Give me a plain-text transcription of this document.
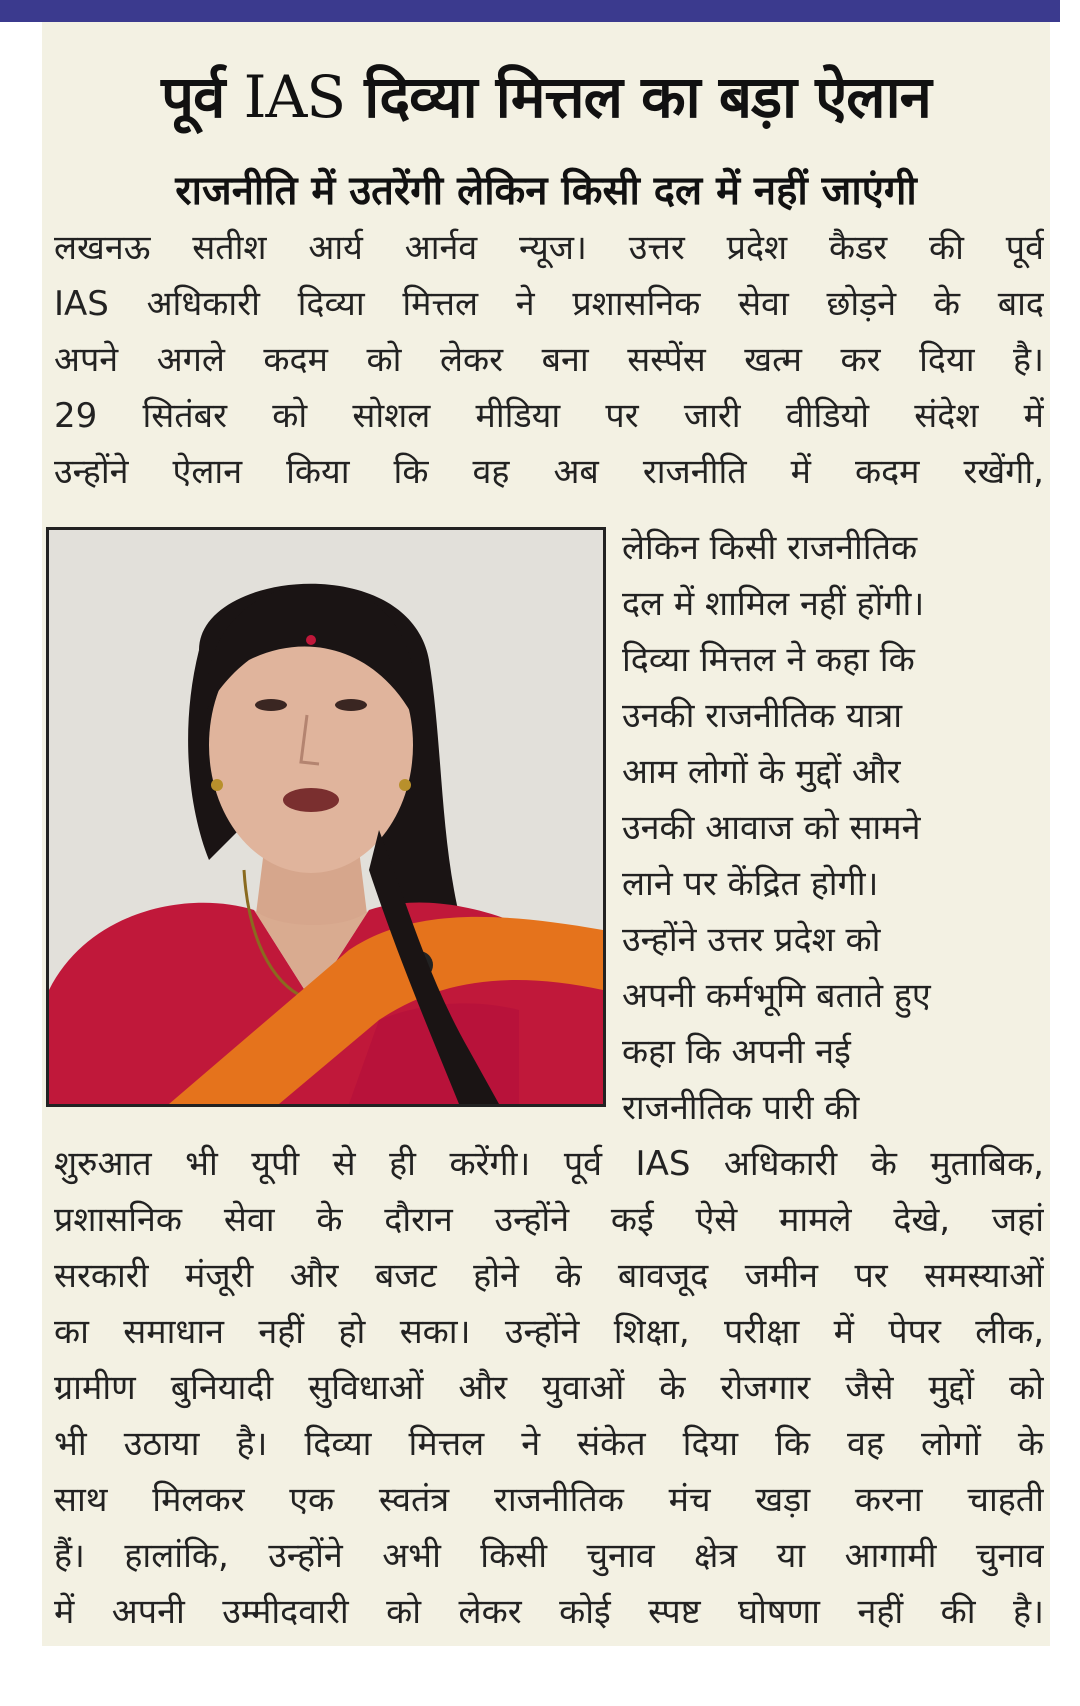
पूर्व IAS दिव्या मित्तल का बड़ा ऐलान
राजनीति में उतरेंगी लेकिन किसी दल में नहीं जाएंगी
लखनऊ सतीश आर्य आर्नव न्यूज। उत्तर प्रदेश कैडर की पूर्व
IAS अधिकारी दिव्या मित्तल ने प्रशासनिक सेवा छोड़ने के बाद
अपने अगले कदम को लेकर बना सस्पेंस खत्म कर दिया है।
29 सितंबर को सोशल मीडिया पर जारी वीडियो संदेश में
उन्होंने ऐलान किया कि वह अब राजनीति में कदम रखेंगी,
लेकिन किसी राजनीतिक
दल में शामिल नहीं होंगी।
दिव्या मित्तल ने कहा कि
उनकी राजनीतिक यात्रा
आम लोगों के मुद्दों और
उनकी आवाज को सामने
लाने पर केंद्रित होगी।
उन्होंने उत्तर प्रदेश को
अपनी कर्मभूमि बताते हुए
कहा कि अपनी नई
राजनीतिक पारी की
शुरुआत भी यूपी से ही करेंगी। पूर्व IAS अधिकारी के मुताबिक,
प्रशासनिक सेवा के दौरान उन्होंने कई ऐसे मामले देखे, जहां
सरकारी मंजूरी और बजट होने के बावजूद जमीन पर समस्याओं
का समाधान नहीं हो सका। उन्होंने शिक्षा, परीक्षा में पेपर लीक,
ग्रामीण बुनियादी सुविधाओं और युवाओं के रोजगार जैसे मुद्दों को
भी उठाया है। दिव्या मित्तल ने संकेत दिया कि वह लोगों के
साथ मिलकर एक स्वतंत्र राजनीतिक मंच खड़ा करना चाहती
हैं। हालांकि, उन्होंने अभी किसी चुनाव क्षेत्र या आगामी चुनाव
में अपनी उम्मीदवारी को लेकर कोई स्पष्ट घोषणा नहीं की है।
